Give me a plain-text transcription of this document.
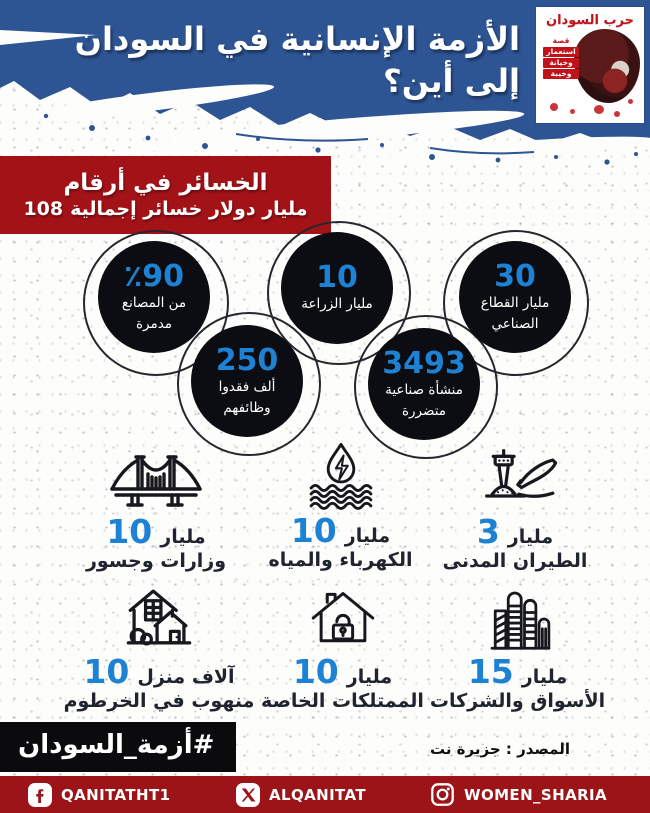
الأزمة الإنسانية في السودان
إلى أين؟
حرب السودان
قصة
استعمار
وخيانة
وخيبة
الخسائر في أرقام
108 مليار دولار خسائر إجمالية
٪90
من المصانع
مدمرة
10
مليار الزراعة
30
مليار القطاع
الصناعي
250
ألف فقدوا
وظائفهم
3493
منشأة صناعية
متضررة
10 مليار
وزارات وجسور
10 مليار
الكهرباء والمياه
3 مليار
الطيران المدنى
10 آلاف منزل
منهوب في الخرطوم
10 مليار
الممتلكات الخاصة
15 مليار
الأسواق والشركات
#أزمة_السودان	المصدر : جزيرة نت
QANITATHT1	ALQANITAT	WOMEN_SHARIA
